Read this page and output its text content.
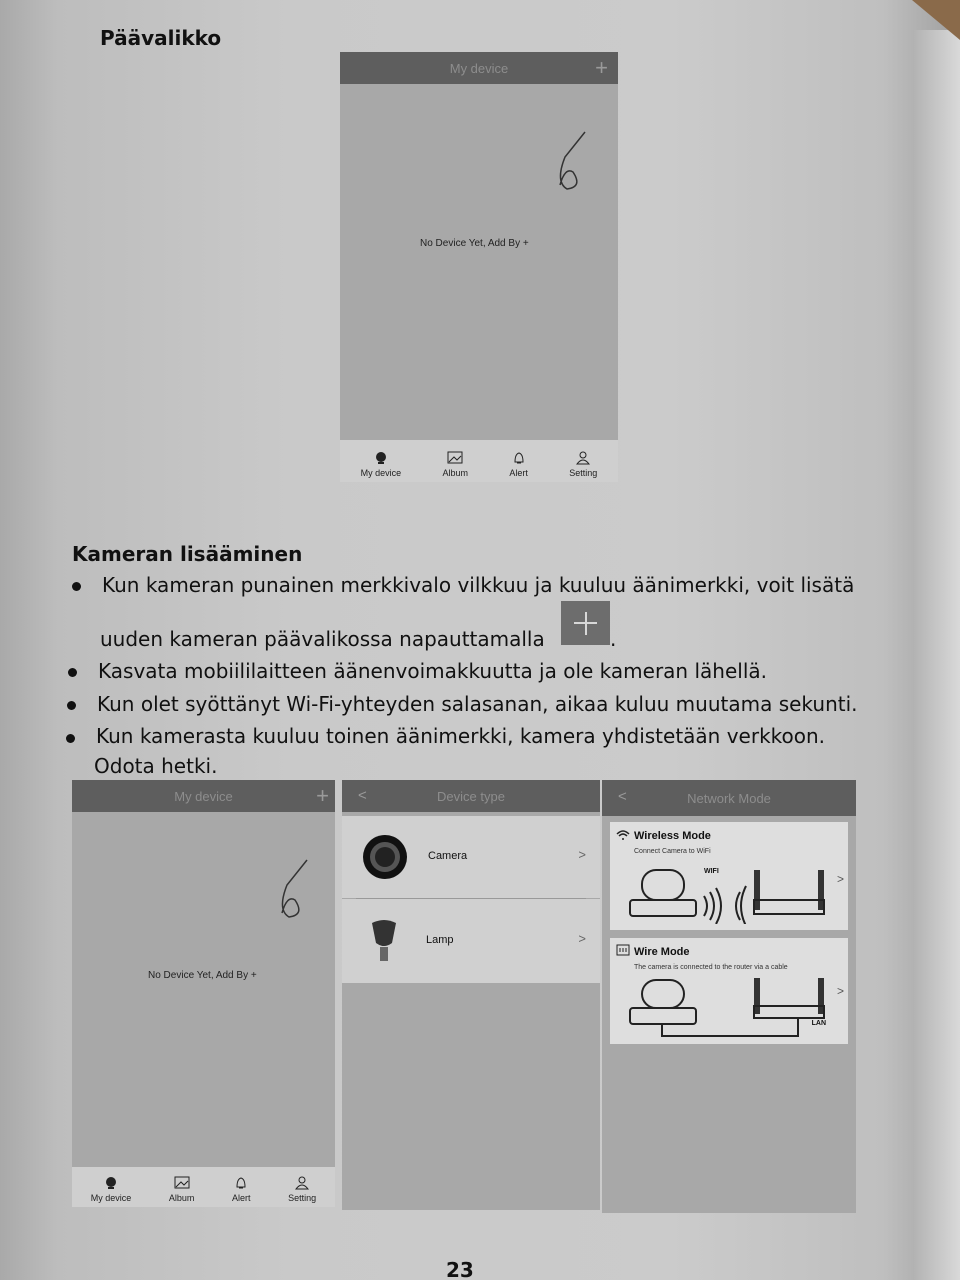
Päävalikko
My device	+
No Device Yet, Add By +
My device	Album	Alert	Setting
Kameran lisääminen
Kun kameran punainen merkkivalo vilkkuu ja kuuluu äänimerkki, voit lisätä
uuden kameran päävalikossa napauttamalla	.
Kasvata mobiililaitteen äänenvoimakkuutta ja ole kameran lähellä.
Kun olet syöttänyt Wi-Fi-yhteyden salasanan, aikaa kuluu muutama sekunti.
Kun kamerasta kuuluu toinen äänimerkki, kamera yhdistetään verkkoon.
Odota hetki.
My device	+
No Device Yet, Add By +
My device	Album	Alert	Setting
Device type
<
Camera	>
Lamp	>
Network Mode
<
Wireless Mode
Connect Camera to WiFi
WIFI
>
Wire Mode
The camera is connected to the router via a cable
LAN
>
23
